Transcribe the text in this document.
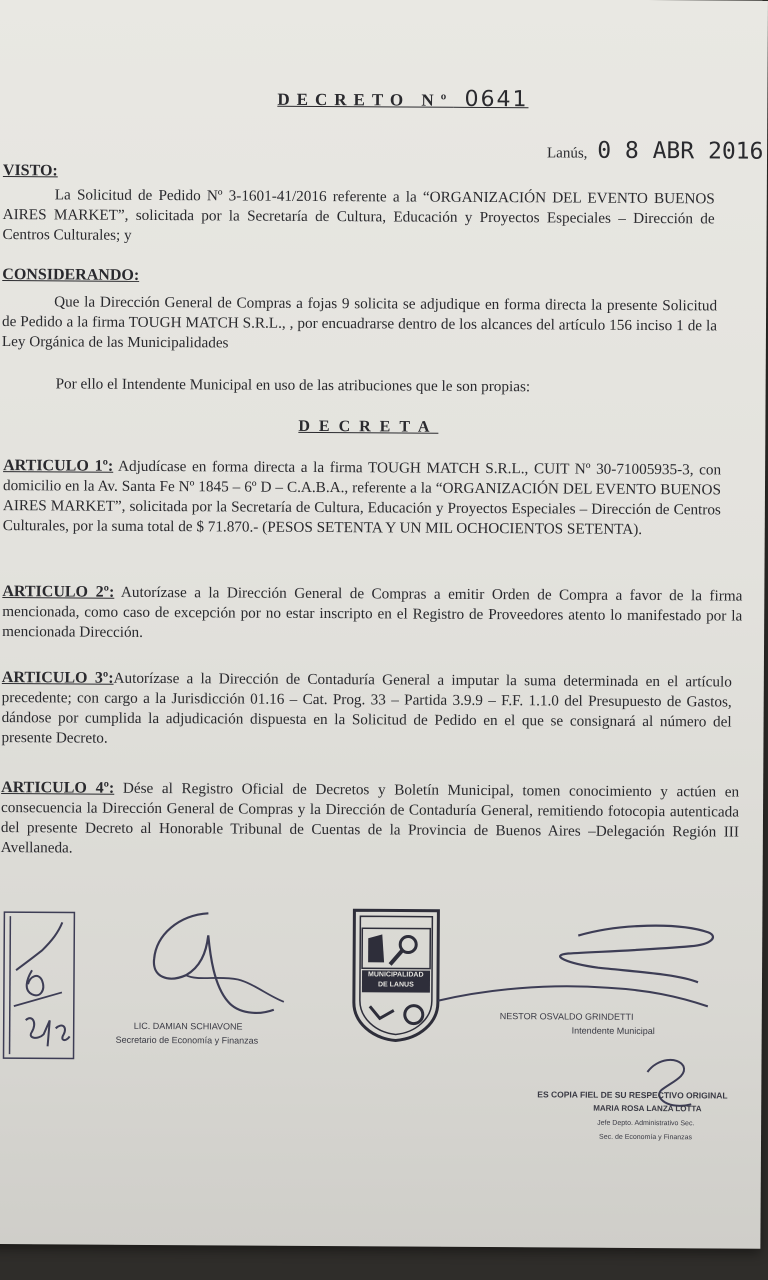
DECRETO Nº 0641
Lanús, 0 8 ABR 2016
VISTO:
La Solicitud de Pedido Nº 3-1601-41/2016 referente a la “ORGANIZACIÓN DEL EVENTO BUENOS AIRES MARKET”, solicitada por la Secretaría de Cultura, Educación y Proyectos Especiales – Dirección de Centros Culturales; y
CONSIDERANDO:
Que la Dirección General de Compras a fojas 9 solicita se adjudique en forma directa la presente Solicitud de Pedido a la firma TOUGH MATCH S.R.L., , por encuadrarse dentro de los alcances del artículo 156 inciso 1 de la Ley Orgánica de las Municipalidades
Por ello el Intendente Municipal en uso de las atribuciones que le son propias:
DECRETA
ARTICULO 1º: Adjudícase en forma directa a la firma TOUGH MATCH S.R.L., CUIT Nº 30-71005935-3, con domicilio en la Av. Santa Fe Nº 1845 – 6º D – C.A.B.A., referente a la “ORGANIZACIÓN DEL EVENTO BUENOS AIRES MARKET”, solicitada por la Secretaría de Cultura, Educación y Proyectos Especiales – Dirección de Centros Culturales, por la suma total de $ 71.870.- (PESOS SETENTA Y UN MIL OCHOCIENTOS SETENTA).
ARTICULO 2º: Autorízase a la Dirección General de Compras a emitir Orden de Compra a favor de la firma mencionada, como caso de excepción por no estar inscripto en el Registro de Proveedores atento lo manifestado por la mencionada Dirección.
ARTICULO 3º:Autorízase a la Dirección de Contaduría General a imputar la suma determinada en el artículo precedente; con cargo a la Jurisdicción 01.16 – Cat. Prog. 33 – Partida 3.9.9 – F.F. 1.1.0 del Presupuesto de Gastos, dándose por cumplida la adjudicación dispuesta en la Solicitud de Pedido en el que se consignará al número del presente Decreto.
ARTICULO 4º: Dése al Registro Oficial de Decretos y Boletín Municipal, tomen conocimiento y actúen en consecuencia la Dirección General de Compras y la Dirección de Contaduría General, remitiendo fotocopia autenticada del presente Decreto al Honorable Tribunal de Cuentas de la Provincia de Buenos Aires –Delegación Región III Avellaneda.
LIC. DAMIAN SCHIAVONE
Secretario de Economía y Finanzas
MUNICIPALIDAD
DE LANUS
NESTOR OSVALDO GRINDETTI
Intendente Municipal
ES COPIA FIEL DE SU RESPECTIVO ORIGINAL
MARIA ROSA LANZA LOTTA
Jefe Depto. Administrativo Sec.
Sec. de Economía y Finanzas
